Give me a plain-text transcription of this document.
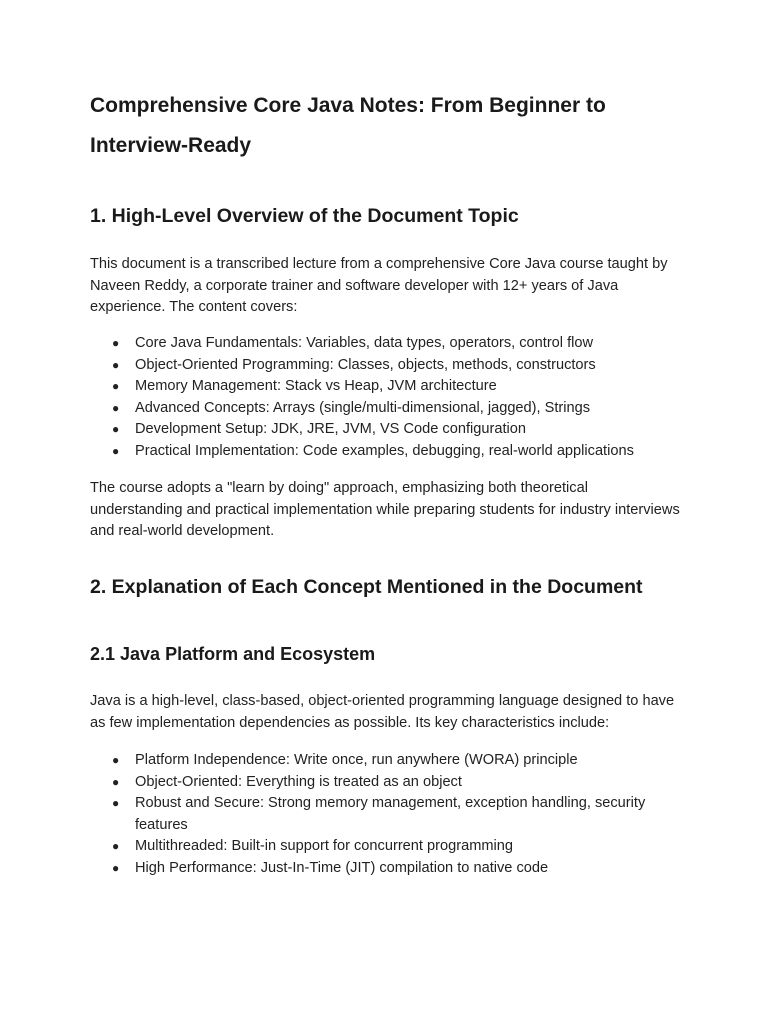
Comprehensive Core Java Notes: From Beginner to Interview-Ready
1. High-Level Overview of the Document Topic

This document is a transcribed lecture from a comprehensive Core Java course taught by Naveen Reddy, a corporate trainer and software developer with 12+ years of Java experience. The content covers:

● Core Java Fundamentals: Variables, data types, operators, control flow
● Object-Oriented Programming: Classes, objects, methods, constructors
● Memory Management: Stack vs Heap, JVM architecture
● Advanced Concepts: Arrays (single/multi-dimensional, jagged), Strings
● Development Setup: JDK, JRE, JVM, VS Code configuration
● Practical Implementation: Code examples, debugging, real-world applications

The course adopts a "learn by doing" approach, emphasizing both theoretical understanding and practical implementation while preparing students for industry interviews and real-world development.

2. Explanation of Each Concept Mentioned in the Document
2.1 Java Platform and Ecosystem

Java is a high-level, class-based, object-oriented programming language designed to have as few implementation dependencies as possible. Its key characteristics include:

● Platform Independence: Write once, run anywhere (WORA) principle
● Object-Oriented: Everything is treated as an object
● Robust and Secure: Strong memory management, exception handling, security features
● Multithreaded: Built-in support for concurrent programming
● High Performance: Just-In-Time (JIT) compilation to native code
